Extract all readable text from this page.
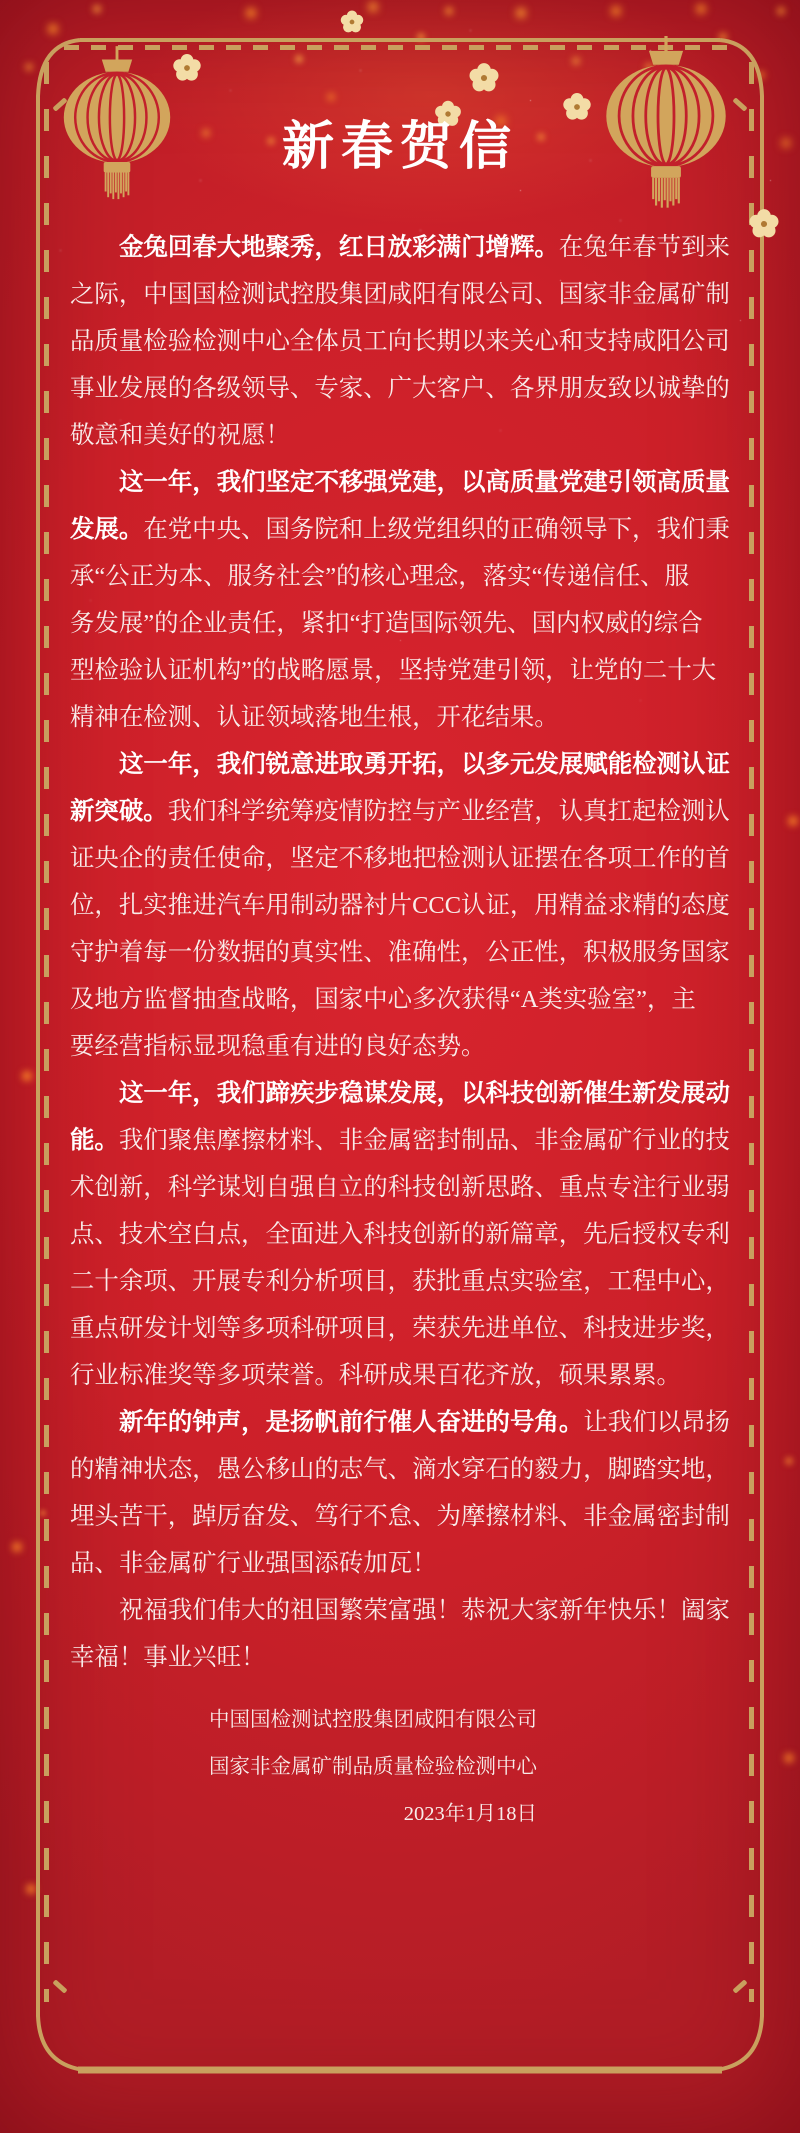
新春贺信
金兔回春大地聚秀，红日放彩满门增辉。在兔年春节到来
之际，中国国检测试控股集团咸阳有限公司、国家非金属矿制
品质量检验检测中心全体员工向长期以来关心和支持咸阳公司
事业发展的各级领导、专家、广大客户、各界朋友致以诚挚的
敬意和美好的祝愿！
这一年，我们坚定不移强党建，以高质量党建引领高质量
发展。在党中央、国务院和上级党组织的正确领导下，我们秉
承“公正为本、服务社会”的核心理念，落实“传递信任、服
务发展”的企业责任，紧扣“打造国际领先、国内权威的综合
型检验认证机构”的战略愿景，坚持党建引领，让党的二十大
精神在检测、认证领域落地生根，开花结果。
这一年，我们锐意进取勇开拓，以多元发展赋能检测认证
新突破。我们科学统筹疫情防控与产业经营，认真扛起检测认
证央企的责任使命，坚定不移地把检测认证摆在各项工作的首
位，扎实推进汽车用制动器衬片CCC认证，用精益求精的态度
守护着每一份数据的真实性、准确性，公正性，积极服务国家
及地方监督抽查战略，国家中心多次获得“A类实验室”，主
要经营指标显现稳重有进的良好态势。
这一年，我们蹄疾步稳谋发展，以科技创新催生新发展动
能。我们聚焦摩擦材料、非金属密封制品、非金属矿行业的技
术创新，科学谋划自强自立的科技创新思路、重点专注行业弱
点、技术空白点，全面进入科技创新的新篇章，先后授权专利
二十余项、开展专利分析项目，获批重点实验室，工程中心，
重点研发计划等多项科研项目，荣获先进单位、科技进步奖，
行业标准奖等多项荣誉。科研成果百花齐放，硕果累累。
新年的钟声，是扬帆前行催人奋进的号角。让我们以昂扬
的精神状态，愚公移山的志气、滴水穿石的毅力，脚踏实地，
埋头苦干，踔厉奋发、笃行不怠、为摩擦材料、非金属密封制
品、非金属矿行业强国添砖加瓦！
祝福我们伟大的祖国繁荣富强！恭祝大家新年快乐！阖家
幸福！事业兴旺！
中国国检测试控股集团咸阳有限公司
国家非金属矿制品质量检验检测中心
2023年1月18日
